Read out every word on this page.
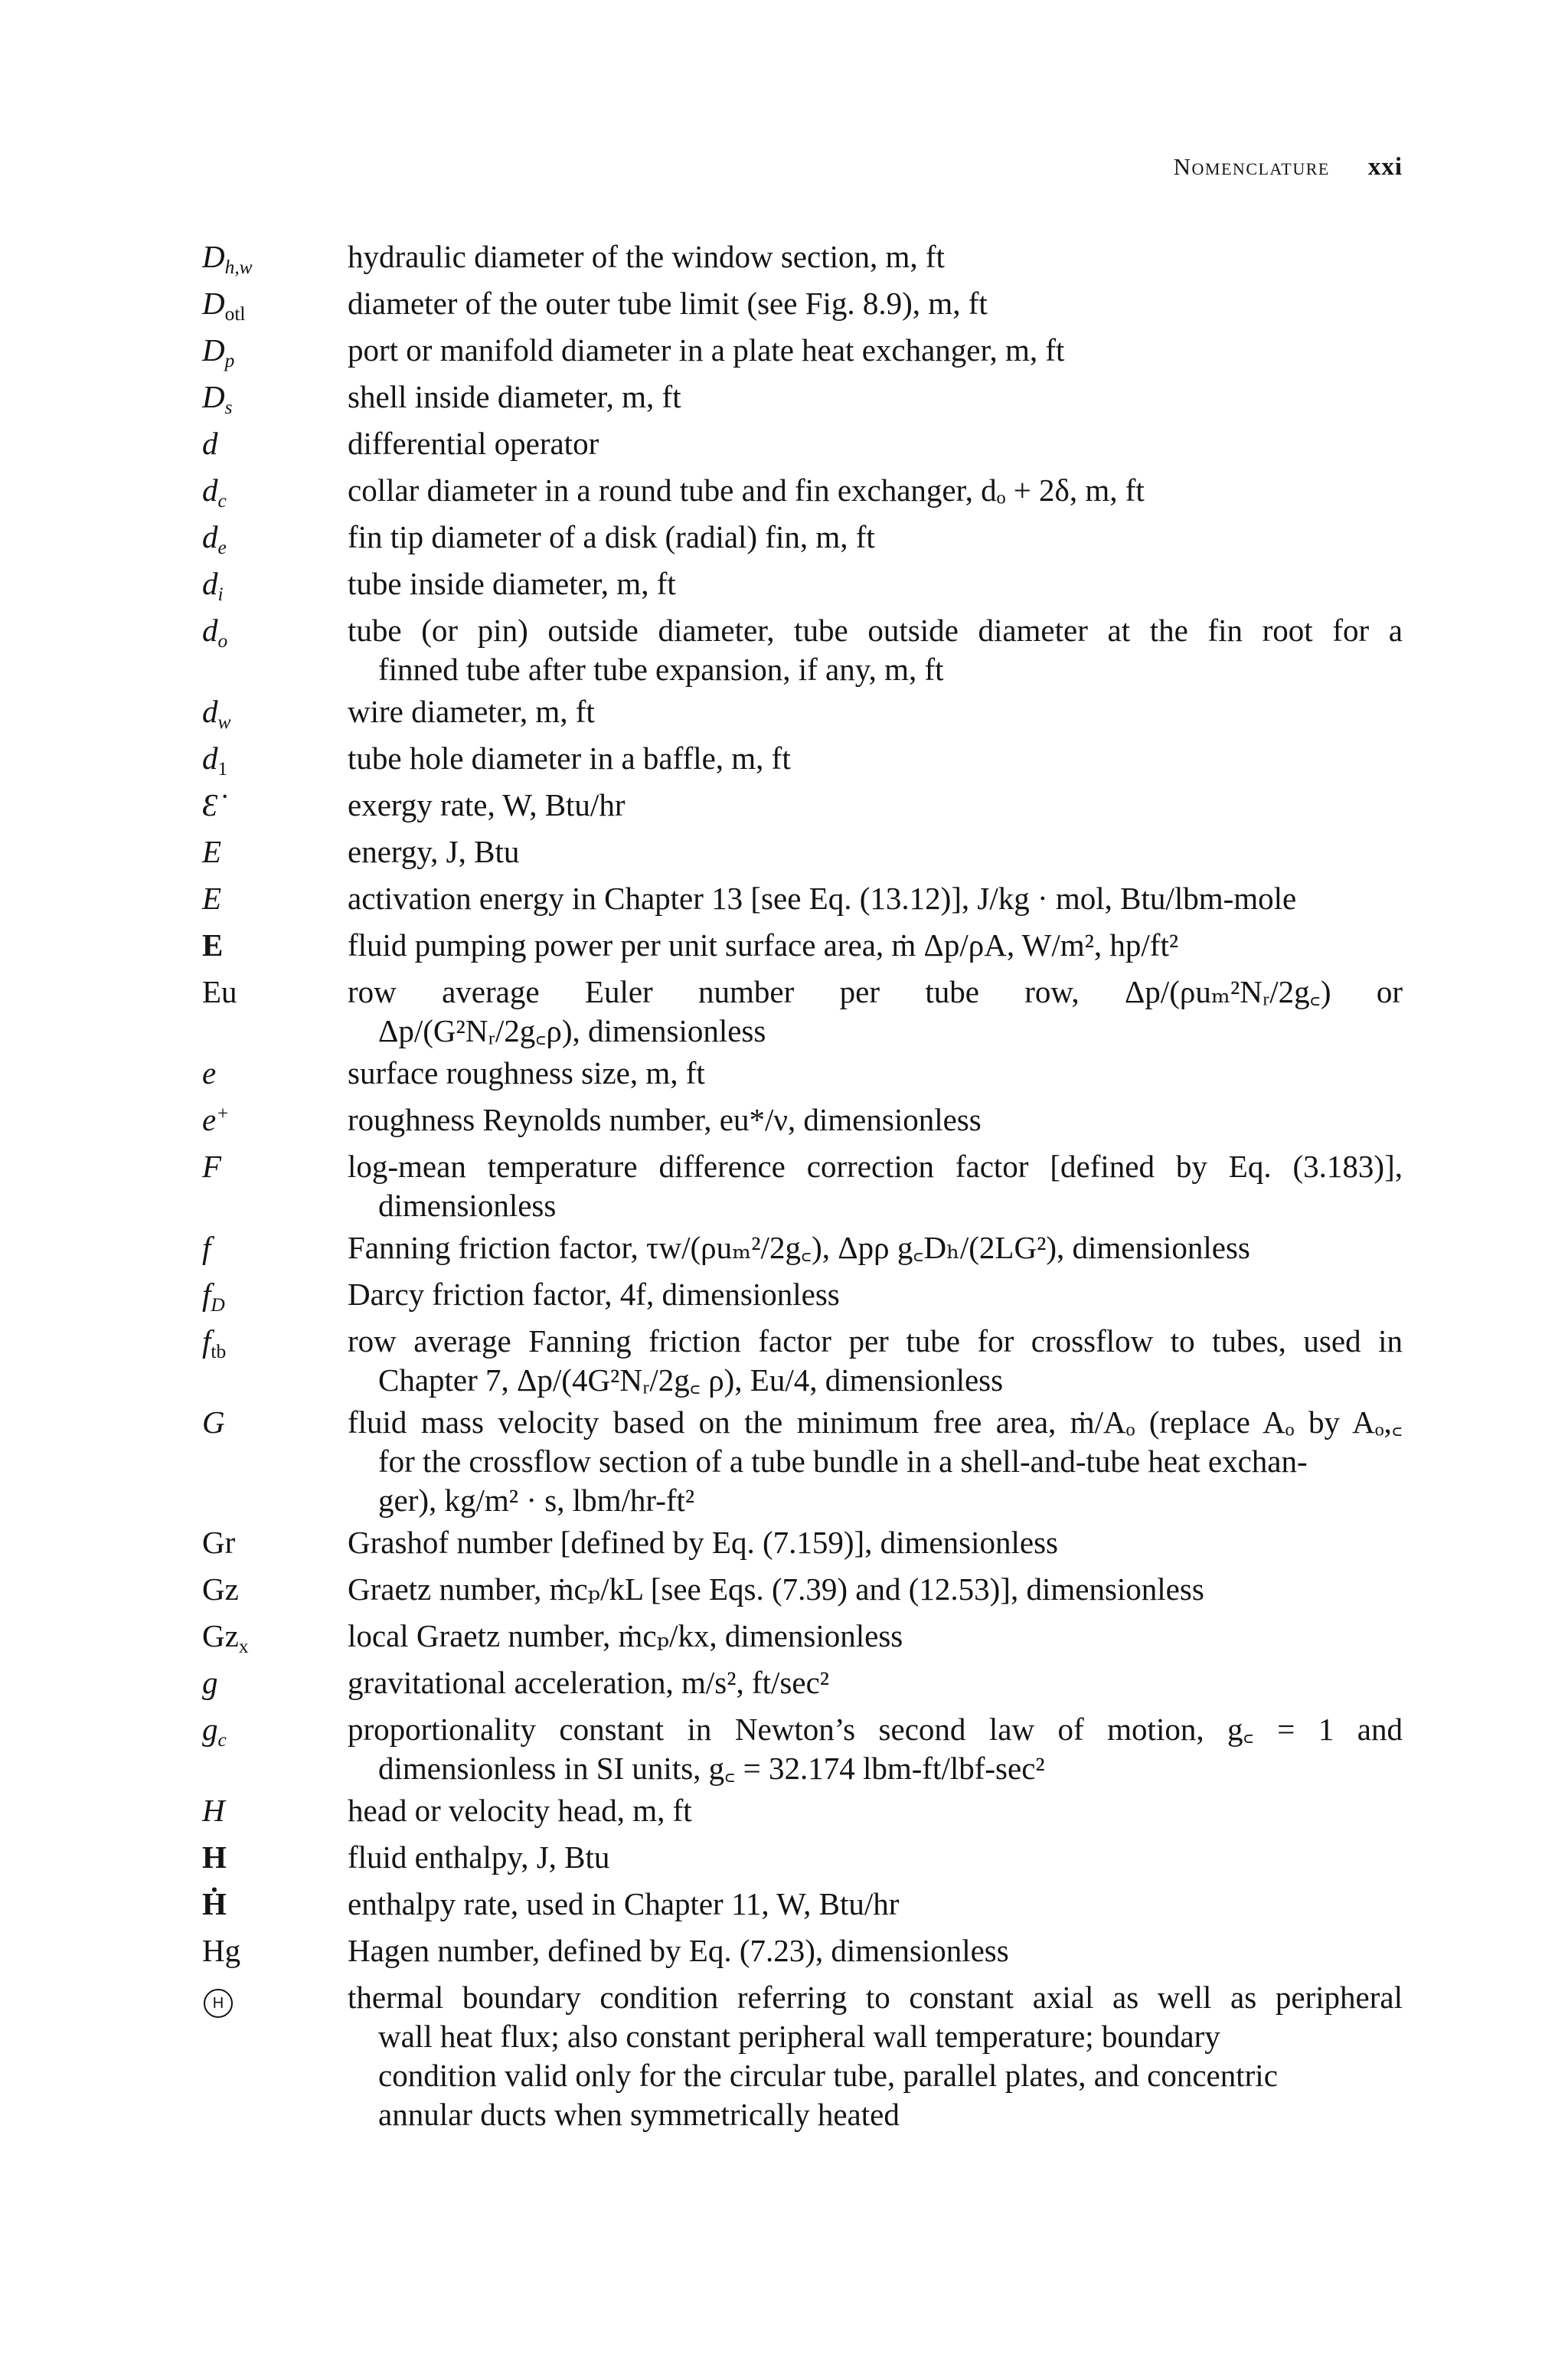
Nomenclature xxi
$D_{h,w}$	hydraulic diameter of the window section, m, ft
$D_{otl}$	diameter of the outer tube limit (see Fig. 8.9), m, ft
$D_p$	port or manifold diameter in a plate heat exchanger, m, ft
$D_s$	shell inside diameter, m, ft
d	differential operator
$d_c$	collar diameter in a round tube and fin exchanger, dₒ + 2δ, m, ft
$d_e$	fin tip diameter of a disk (radial) fin, m, ft
$d_i$	tube inside diameter, m, ft
$d_o$	tube (or pin) outside diameter, tube outside diameter at the fin root for a
finned tube after tube expansion, if any, m, ft
$d_w$	wire diameter, m, ft
$d_1$	tube hole diameter in a baffle, m, ft
Ɛ̇	exergy rate, W, Btu/hr
E	energy, J, Btu
E	activation energy in Chapter 13 [see Eq. (13.12)], J/kg · mol, Btu/lbm-mole
E	fluid pumping power per unit surface area, ṁ Δp/ρA, W/m², hp/ft²
Eu	row average Euler number per tube row, Δp/(ρuₘ²Nᵣ/2g꜀) or
Δp/(G²Nᵣ/2g꜀ρ), dimensionless
e	surface roughness size, m, ft
e+	roughness Reynolds number, eu*/ν, dimensionless
F	log-mean temperature difference correction factor [defined by Eq. (3.183)],
dimensionless
f	Fanning friction factor, τw/(ρuₘ²/2g꜀), Δpρ g꜀Dₕ/(2LG²), dimensionless
$f_D$	Darcy friction factor, 4f, dimensionless
$f_{tb}$	row average Fanning friction factor per tube for crossflow to tubes, used in
Chapter 7, Δp/(4G²Nᵣ/2g꜀ ρ), Eu/4, dimensionless
G	fluid mass velocity based on the minimum free area, ṁ/Aₒ (replace Aₒ by Aₒ,꜀
for the crossflow section of a tube bundle in a shell-and-tube heat exchan-
ger), kg/m² · s, lbm/hr-ft²
Gr	Grashof number [defined by Eq. (7.159)], dimensionless
Gz	Graetz number, ṁcₚ/kL [see Eqs. (7.39) and (12.53)], dimensionless
$Gz_x$	local Graetz number, ṁcₚ/kx, dimensionless
g	gravitational acceleration, m/s², ft/sec²
$g_c$	proportionality constant in Newton’s second law of motion, g꜀ = 1 and
dimensionless in SI units, g꜀ = 32.174 lbm-ft/lbf-sec²
H	head or velocity head, m, ft
H	fluid enthalpy, J, Btu
Ḣ	enthalpy rate, used in Chapter 11, W, Btu/hr
Hg	Hagen number, defined by Eq. (7.23), dimensionless
H	thermal boundary condition referring to constant axial as well as peripheral
wall heat flux; also constant peripheral wall temperature; boundary
condition valid only for the circular tube, parallel plates, and concentric
annular ducts when symmetrically heated
